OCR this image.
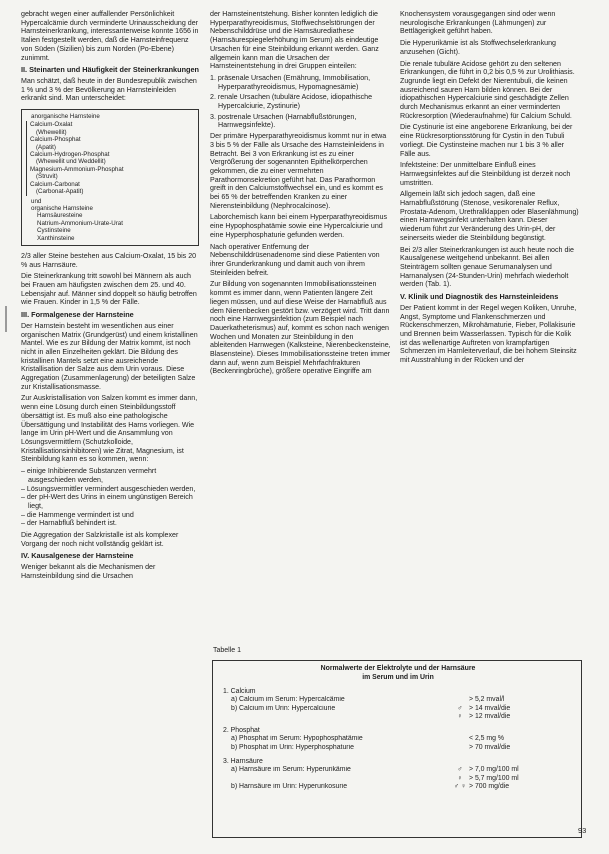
gebracht wegen einer auffallender Persönlichkeit Hypercalcämie durch verminderte Urinausscheidung der Harnsteinerkrankung, interessanterweise konnte 1656 in Italien festgestellt werden, daß die Harnsteinfrequenz von Süden (Sizilien) bis zum Norden (Po-Ebene) zunimmt.

II. Steinarten und Häufigkeit der Steinerkrankungen

Man schätzt, daß heute in der Bundesrepublik zwischen 1 % und 3 % der Bevölkerung an Harnsteinleiden erkrankt sind. Man unterscheidet:

anorganische Harnsteine
Calcium-Oxalat
(Whewellit)
Calcium-Phosphat
(Apatit)
Calcium-Hydrogen-Phosphat
(Whewellit und Weddellit)
Magnesium-Ammonium-Phosphat
(Struvit)
Calcium-Carbonat
(Carbonat-Apatit)
und
organische Harnsteine
Harnsäuresteine
Natrium-Ammonium-Urate-Urat
Cystinsteine
Xanthinsteine

2/3 aller Steine bestehen aus Calcium-Oxalat, 15 bis 20 % aus Harnsäure.

Die Steinerkrankung tritt sowohl bei Männern als auch bei Frauen am häufigsten zwischen dem 25. und 40. Lebensjahr auf. Männer sind doppelt so häufig betroffen wie Frauen. Kinder in 1,5 % der Fälle.

III. Formalgenese der Harnsteine

Der Harnstein besteht im wesentlichen aus einer organischen Matrix (Grundgerüst) und einem kristallinen Mantel. Wie es zur Bildung der Matrix kommt, ist noch nicht in allen Einzelheiten geklärt. Die Bildung des kristallinen Mantels setzt eine ausreichende Kristallisation der Salze aus dem Urin voraus. Diese Aggregation (Zusammenlagerung) der beteiligten Salze zur Kristallisationsmasse.

Zur Auskristallisation von Salzen kommt es immer dann, wenn eine Lösung durch einen Steinbildungsstoff übersättigt ist. Es muß also eine pathologische Übersättigung und Instabilität des Harns vorliegen. Wie lange im Urin pH-Wert und die Ansammlung von Lösungsvermittlern (Schutzkolloide, Kristallisationsinhibitoren) wie Zitrat, Magnesium, ist Steinbildung kann es so kommen, wenn:

– einige Inhibierende Substanzen vermehrt ausgeschieden werden,
– Lösungsvermittler vermindert ausgeschieden werden,
– der pH-Wert des Urins in einem ungünstigen Bereich liegt,
– die Harnmenge vermindert ist und
– der Harnabfluß behindert ist.

Die Aggregation der Salzkristalle ist als komplexer Vorgang der noch nicht vollständig geklärt ist.

IV. Kausalgenese der Harnsteine

Weniger bekannt als die Mechanismen der Harnsteinbildung sind die Ursachen

der Harnsteinentstehung. Bisher konnten lediglich die Hyperparathyreoidismus, Stoffwechselstörungen der Nebenschilddrüse und die Harnsäurediathese (Harnsäurespiegelerhöhung im Serum) als eindeutige Ursachen für eine Steinbildung erkannt werden. Ganz allgemein kann man die Ursachen der Harnsteinentstehung in drei Gruppen einteilen:

1. präsenale Ursachen (Ernährung, Immobilisation, Hyperparathyreoidismus, Hypomagnesämie)
2. renale Ursachen (tubuläre Acidose, idiopathische Hypercalciurie, Zystinurie)
3. postrenale Ursachen (Harnabflußstörungen, Harnwegsinfekte).

Der primäre Hyperparathyreoidismus kommt nur in etwa 3 bis 5 % der Fälle als Ursache des Harnsteinleidens in Betracht. Bei 3 von Erkrankung ist es zu einer Vergrößerung der sogenannten Epithelkörperchen gekommen, die zu einer vermehrten Parathormonsekretion geführt hat. Das Parathormon greift in den Calciumstoffwechsel ein, und es kommt es bei 65 % der betreffenden Kranken zu einer Nierensteinbildung (Nephrocalcinose).

Laborchemisch kann bei einem Hyperparathyreoidismus eine Hypophosphatämie sowie eine Hypercalciurie und eine Hyperphosphaturie gefunden werden.

Nach operativer Entfernung der Nebenschilddrüsenadenome sind diese Patienten von ihrer Grunderkrankung und damit auch von ihrem Steinleiden befreit.

Zur Bildung von sogenannten Immobilisationssteinen kommt es immer dann, wenn Patienten längere Zeit liegen müssen, und auf diese Weise der Harnabfluß aus dem Nierenbecken gestört bzw. verzögert wird. Tritt dann noch eine Harnwegsinfektion (zum Beispiel nach Dauerkatheterismus) auf, kommt es schon nach wenigen Wochen und Monaten zur Steinbildung in den ableitenden Harnwegen (Kalksteine, Nierenbeckensteine, Blasensteine). Dieses Immobilisationssteine treten immer dann auf, wenn zum Beispiel Mehrfachfrakturen (Beckenringbrüche), größere operative Eingriffe am

Knochensystem vorausgegangen sind oder wenn neurologische Erkrankungen (Lähmungen) zur Bettlägerigkeit geführt haben.

Die Hyperurikämie ist als Stoffwechselerkrankung anzusehen (Gicht).

Die renale tubuläre Acidose gehört zu den seltenen Erkrankungen, die führt in 0,2 bis 0,5 % zur Urolithiasis. Zugrunde liegt ein Defekt der Nierentubuli, die keinen ausreichend sauren Harn bilden können. Bei der idiopathischen Hypercalciurie sind geschädigte Zellen durch Mechanismus erkannt an einer verminderten Rückresorption (Wiederaufnahme) für Calcium Schuld.

Die Cystinurie ist eine angeborene Erkrankung, bei der eine Rückresorptionsstörung für Cystin in den Tubuli vorliegt. Die Cystinsteine machen nur 1 bis 3 % aller Fälle aus.

Infektsteine: Der unmittelbare Einfluß eines Harnwegsinfektes auf die Steinbildung ist derzeit noch umstritten.

Allgemein läßt sich jedoch sagen, daß eine Harnabflußstörung (Stenose, vesikorenaler Reflux, Prostata-Adenom, Urethralklappen oder Blasenlähmung) einen Harnwegsinfekt unterhalten kann. Dieser wiederum führt zur Veränderung des Urin-pH, der seinerseits wieder die Steinbildung begünstigt.

Bei 2/3 aller Steinerkrankungen ist auch heute noch die Kausalgenese weitgehend unbekannt. Bei allen Steinträgern sollten genaue Serumanalysen und Harnanalysen (24-Stunden-Urin) mehrfach wiederholt werden (Tab. 1).

V. Klinik und Diagnostik des Harnsteinleidens

Der Patient kommt in der Regel wegen Koliken, Unruhe, Angst, Symptome und Flankenschmerzen und Rückenschmerzen, Mikrohämaturie, Fieber, Pollakisurie und Brennen beim Wasserlassen. Typisch für die Kolik ist das wellenartige Auftreten von krampfartigen Schmerzen im Harnleiterverlauf, die bei hohem Steinsitz mit Ausstrahlung in der Rücken und der

Tabelle 1
Normalwerte der Elektrolyte und der Harnsäure
im Serum und im Urin
1. Calcium
a) Calcium im Serum: Hypercalcämie	> 5,2 mval/l
b) Calcium im Urin: Hypercalciurie	♂ > 14 mval/die
♀ > 12 mval/die
2. Phosphat
a) Phosphat im Serum: Hypophosphatämie	< 2,5 mg %
b) Phosphat im Urin: Hyperphosphaturie	> 70 mval/die
3. Harnsäure
a) Harnsäure im Serum: Hyperurikämie	♂ > 7,0 mg/100 ml
♀ > 5,7 mg/100 ml
b) Harnsäure im Urin: Hyperurikosurie	♂ ♀ > 700 mg/die
93
